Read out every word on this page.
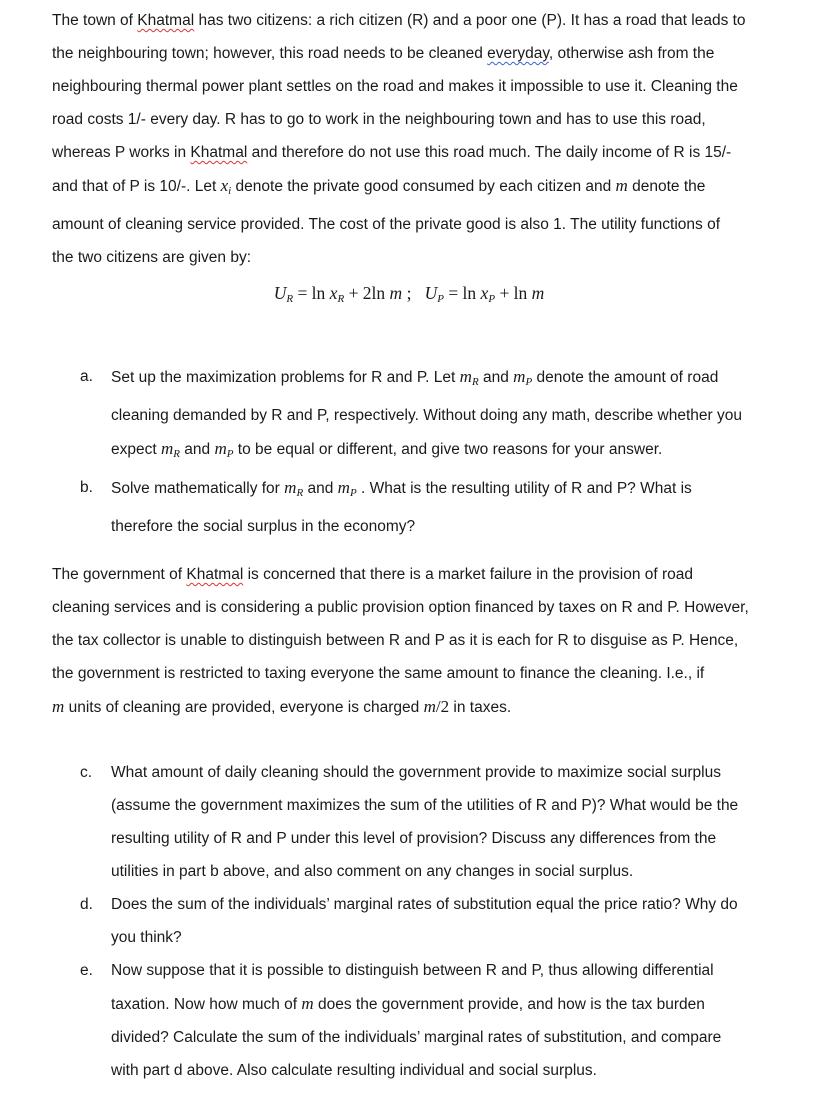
The town of Khatmal has two citizens: a rich citizen (R) and a poor one (P). It has a road that leads to

the neighbouring town; however, this road needs to be cleaned everyday, otherwise ash from the

neighbouring thermal power plant settles on the road and makes it impossible to use it. Cleaning the

road costs 1/- every day. R has to go to work in the neighbouring town and has to use this road,

whereas P works in Khatmal and therefore do not use this road much. The daily income of R is 15/-

and that of P is 10/-. Let $x_i$ denote the private good consumed by each citizen and m denote the

amount of cleaning service provided. The cost of the private good is also 1. The utility functions of

the two citizens are given by:

$U_R = \ln x_R + 2\ln$ m ;   $U_P = \ln x_P + \ln m$
a. Set up the maximization problems for R and P. Let $m_R$ and $m_P$ denote the amount of road

cleaning demanded by R and P, respectively. Without doing any math, describe whether you

expect $m_R$ and $m_P$ to be equal or different, and give two reasons for your answer.

b. Solve mathematically for $m_R$ and $m_P$ . What is the resulting utility of R and P? What is

therefore the social surplus in the economy?

The government of Khatmal is concerned that there is a market failure in the provision of road

cleaning services and is considering a public provision option financed by taxes on R and P. However,

the tax collector is unable to distinguish between R and P as it is each for R to disguise as P. Hence,

the government is restricted to taxing everyone the same amount to finance the cleaning. I.e., if

m units of cleaning are provided, everyone is charged m/2 in taxes.

c. What amount of daily cleaning should the government provide to maximize social surplus

(assume the government maximizes the sum of the utilities of R and P)? What would be the

resulting utility of R and P under this level of provision? Discuss any differences from the

utilities in part b above, and also comment on any changes in social surplus.

d. Does the sum of the individuals’ marginal rates of substitution equal the price ratio? Why do

you think?

e. Now suppose that it is possible to distinguish between R and P, thus allowing differential

taxation. Now how much of m does the government provide, and how is the tax burden

divided? Calculate the sum of the individuals’ marginal rates of substitution, and compare

with part d above. Also calculate resulting individual and social surplus.
